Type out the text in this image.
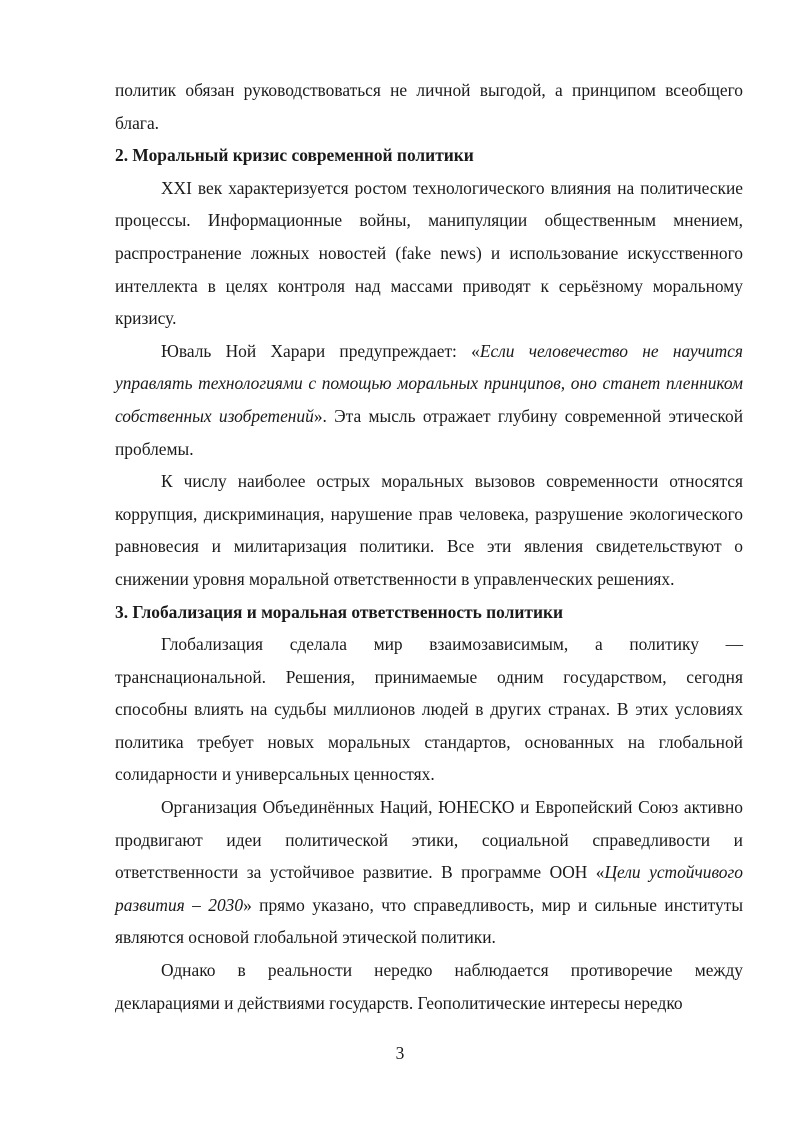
политик обязан руководствоваться не личной выгодой, а принципом всеобщего блага.

2. Моральный кризис современной политики

XXI век характеризуется ростом технологического влияния на политические процессы. Информационные войны, манипуляции общественным мнением, распространение ложных новостей (fake news) и использование искусственного интеллекта в целях контроля над массами приводят к серьёзному моральному кризису.

Юваль Ной Харари предупреждает: «Если человечество не научится управлять технологиями с помощью моральных принципов, оно станет пленником собственных изобретений». Эта мысль отражает глубину современной этической проблемы.

К числу наиболее острых моральных вызовов современности относятся коррупция, дискриминация, нарушение прав человека, разрушение экологического равновесия и милитаризация политики. Все эти явления свидетельствуют о снижении уровня моральной ответственности в управленческих решениях.

3. Глобализация и моральная ответственность политики

Глобализация сделала мир взаимозависимым, а политику — транснациональной. Решения, принимаемые одним государством, сегодня способны влиять на судьбы миллионов людей в других странах. В этих условиях политика требует новых моральных стандартов, основанных на глобальной солидарности и универсальных ценностях.

Организация Объединённых Наций, ЮНЕСКО и Европейский Союз активно продвигают идеи политической этики, социальной справедливости и ответственности за устойчивое развитие. В программе ООН «Цели устойчивого развития – 2030» прямо указано, что справедливость, мир и сильные институты являются основой глобальной этической политики.

Однако в реальности нередко наблюдается противоречие между декларациями и действиями государств. Геополитические интересы нередко

3
